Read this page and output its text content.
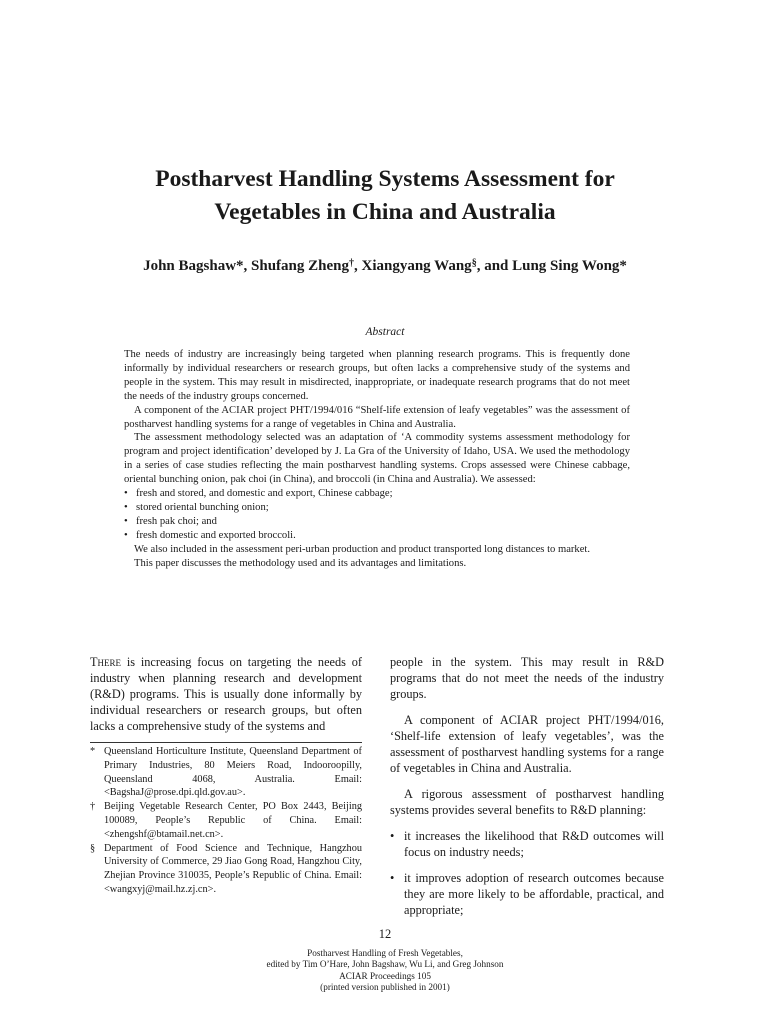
Postharvest Handling Systems Assessment for
Vegetables in China and Australia

John Bagshaw*, Shufang Zheng†, Xiangyang Wang§, and Lung Sing Wong*

Abstract

The needs of industry are increasingly being targeted when planning research programs. This is frequently done informally by individual researchers or research groups, but often lacks a comprehensive study of the systems and people in the system. This may result in misdirected, inappropriate, or inadequate research programs that do not meet the needs of the industry groups concerned.

A component of the ACIAR project PHT/1994/016 “Shelf-life extension of leafy vegetables” was the assessment of postharvest handling systems for a range of vegetables in China and Australia.

The assessment methodology selected was an adaptation of ‘A commodity systems assessment methodology for program and project identification’ developed by J. La Gra of the University of Idaho, USA. We used the methodology in a series of case studies reflecting the main postharvest handling systems. Crops assessed were Chinese cabbage, oriental bunching onion, pak choi (in China), and broccoli (in China and Australia). We assessed:

• fresh and stored, and domestic and export, Chinese cabbage;
• stored oriental bunching onion;
• fresh pak choi; and
• fresh domestic and exported broccoli.

We also included in the assessment peri-urban production and product transported long distances to market.

This paper discusses the methodology used and its advantages and limitations.

There is increasing focus on targeting the needs of industry when planning research and development (R&D) programs. This is usually done informally by individual researchers or research groups, but often lacks a comprehensive study of the systems and

* Queensland Horticulture Institute, Queensland Department of Primary Industries, 80 Meiers Road, Indooroopilly, Queensland 4068, Australia. Email: <BagshaJ@prose.dpi.qld.gov.au>.
† Beijing Vegetable Research Center, PO Box 2443, Beijing 100089, People’s Republic of China. Email: <zhengshf@btamail.net.cn>.
§ Department of Food Science and Technique, Hangzhou University of Commerce, 29 Jiao Gong Road, Hangzhou City, Zhejian Province 310035, People’s Republic of China. Email: <wangxyj@mail.hz.zj.cn>.

people in the system. This may result in R&D programs that do not meet the needs of the industry groups.

A component of ACIAR project PHT/1994/016, ‘Shelf-life extension of leafy vegetables’, was the assessment of postharvest handling systems for a range of vegetables in China and Australia.

A rigorous assessment of postharvest handling systems provides several benefits to R&D planning:

• it increases the likelihood that R&D outcomes will focus on industry needs;
• it improves adoption of research outcomes because they are more likely to be affordable, practical, and appropriate;
12
Postharvest Handling of Fresh Vegetables,
edited by Tim O’Hare, John Bagshaw, Wu Li, and Greg Johnson
ACIAR Proceedings 105
(printed version published in 2001)
